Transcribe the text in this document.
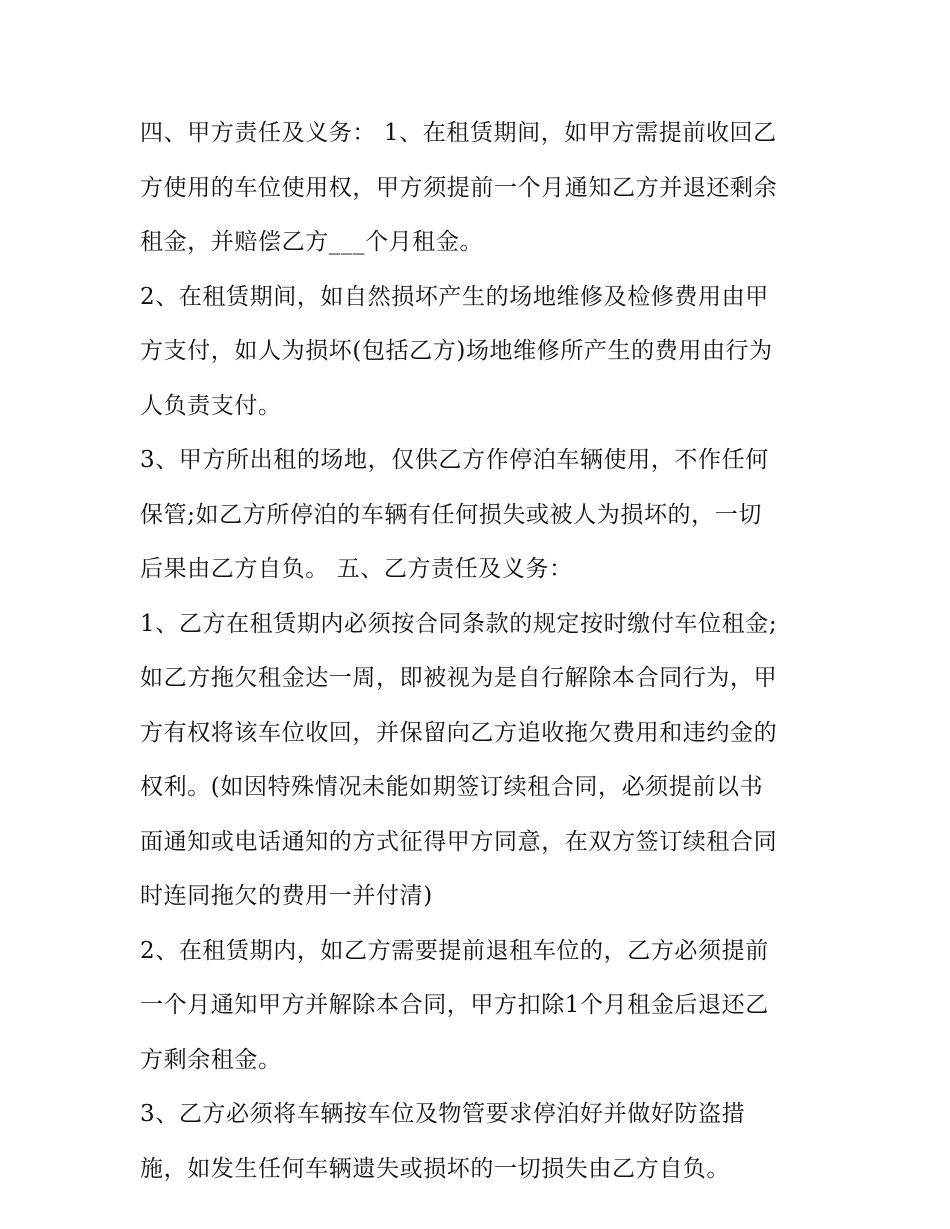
四、甲方责任及义务： 1、在租赁期间，如甲方需提前收回乙
方使用的车位使用权，甲方须提前一个月通知乙方并退还剩余
租金，并赔偿乙方___个月租金。
2、在租赁期间，如自然损坏产生的场地维修及检修费用由甲
方支付，如人为损坏(包括乙方)场地维修所产生的费用由行为
人负责支付。
3、甲方所出租的场地，仅供乙方作停泊车辆使用，不作任何
保管;如乙方所停泊的车辆有任何损失或被人为损坏的，一切
后果由乙方自负。 五、乙方责任及义务：
1、乙方在租赁期内必须按合同条款的规定按时缴付车位租金;
如乙方拖欠租金达一周，即被视为是自行解除本合同行为，甲
方有权将该车位收回，并保留向乙方追收拖欠费用和违约金的
权利。(如因特殊情况未能如期签订续租合同，必须提前以书
面通知或电话通知的方式征得甲方同意，在双方签订续租合同
时连同拖欠的费用一并付清)
2、在租赁期内，如乙方需要提前退租车位的，乙方必须提前
一个月通知甲方并解除本合同，甲方扣除1个月租金后退还乙
方剩余租金。
3、乙方必须将车辆按车位及物管要求停泊好并做好防盗措
施，如发生任何车辆遗失或损坏的一切损失由乙方自负。
